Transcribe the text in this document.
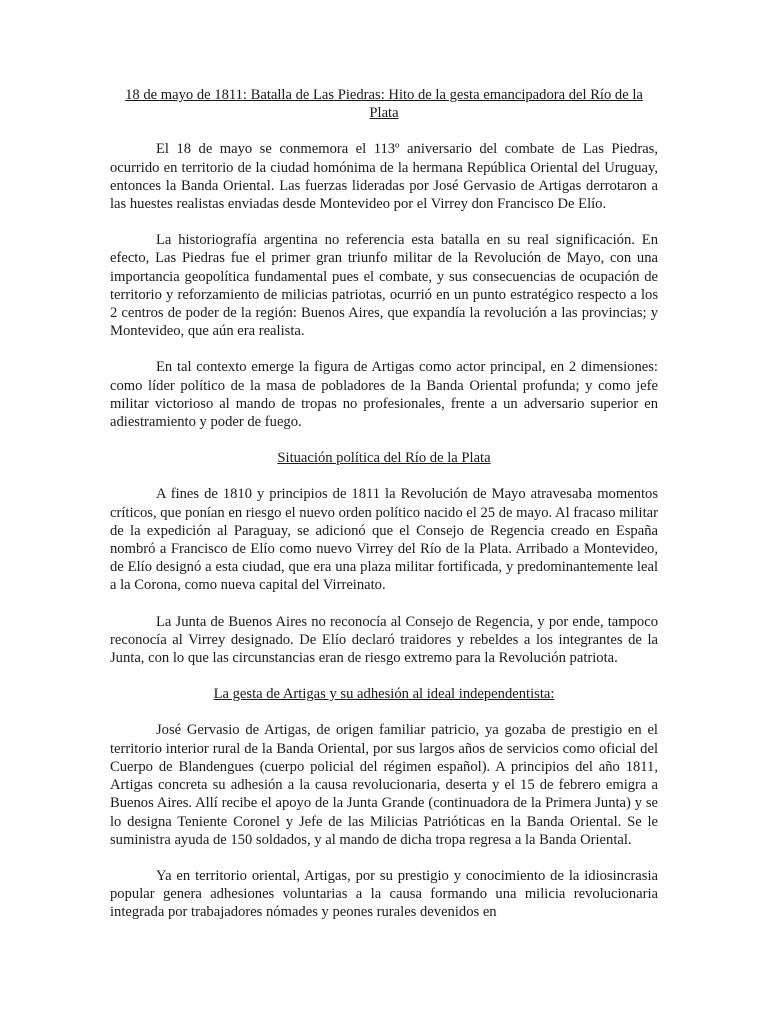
18 de mayo de 1811: Batalla de Las Piedras: Hito de la gesta emancipadora del Río de la Plata

El 18 de mayo se conmemora el 113º aniversario del combate de Las Piedras, ocurrido en territorio de la ciudad homónima de la hermana República Oriental del Uruguay, entonces la Banda Oriental. Las fuerzas lideradas por José Gervasio de Artigas derrotaron a las huestes realistas enviadas desde Montevideo por el Virrey don Francisco De Elío.

La historiografía argentina no referencia esta batalla en su real significación. En efecto, Las Piedras fue el primer gran triunfo militar de la Revolución de Mayo, con una importancia geopolítica fundamental pues el combate, y sus consecuencias de ocupación de territorio y reforzamiento de milicias patriotas, ocurrió en un punto estratégico respecto a los 2 centros de poder de la región: Buenos Aires, que expandía la revolución a las provincias; y Montevideo, que aún era realista.

En tal contexto emerge la figura de Artigas como actor principal, en 2 dimensiones: como líder político de la masa de pobladores de la Banda Oriental profunda; y como jefe militar victorioso al mando de tropas no profesionales, frente a un adversario superior en adiestramiento y poder de fuego.

Situación política del Río de la Plata

A fines de 1810 y principios de 1811 la Revolución de Mayo atravesaba momentos críticos, que ponían en riesgo el nuevo orden político nacido el 25 de mayo. Al fracaso militar de la expedición al Paraguay, se adicionó que el Consejo de Regencia creado en España nombró a Francisco de Elío como nuevo Virrey del Río de la Plata. Arribado a Montevideo, de Elío designó a esta ciudad, que era una plaza militar fortificada, y predominantemente leal a la Corona, como nueva capital del Virreinato.

La Junta de Buenos Aires no reconocía al Consejo de Regencia, y por ende, tampoco reconocía al Virrey designado. De Elío declaró traidores y rebeldes a los integrantes de la Junta, con lo que las circunstancias eran de riesgo extremo para la Revolución patriota.

La gesta de Artigas y su adhesión al ideal independentista:

José Gervasio de Artigas, de origen familiar patricio, ya gozaba de prestigio en el territorio interior rural de la Banda Oriental, por sus largos años de servicios como oficial del Cuerpo de Blandengues (cuerpo policial del régimen español). A principios del año 1811, Artigas concreta su adhesión a la causa revolucionaria, deserta y el 15 de febrero emigra a Buenos Aires. Allí recibe el apoyo de la Junta Grande (continuadora de la Primera Junta) y se lo designa Teniente Coronel y Jefe de las Milicias Patrióticas en la Banda Oriental. Se le suministra ayuda de 150 soldados, y al mando de dicha tropa regresa a la Banda Oriental.

Ya en territorio oriental, Artigas, por su prestigio y conocimiento de la idiosincrasia popular genera adhesiones voluntarias a la causa formando una milicia revolucionaria integrada por trabajadores nómades y peones rurales devenidos en
